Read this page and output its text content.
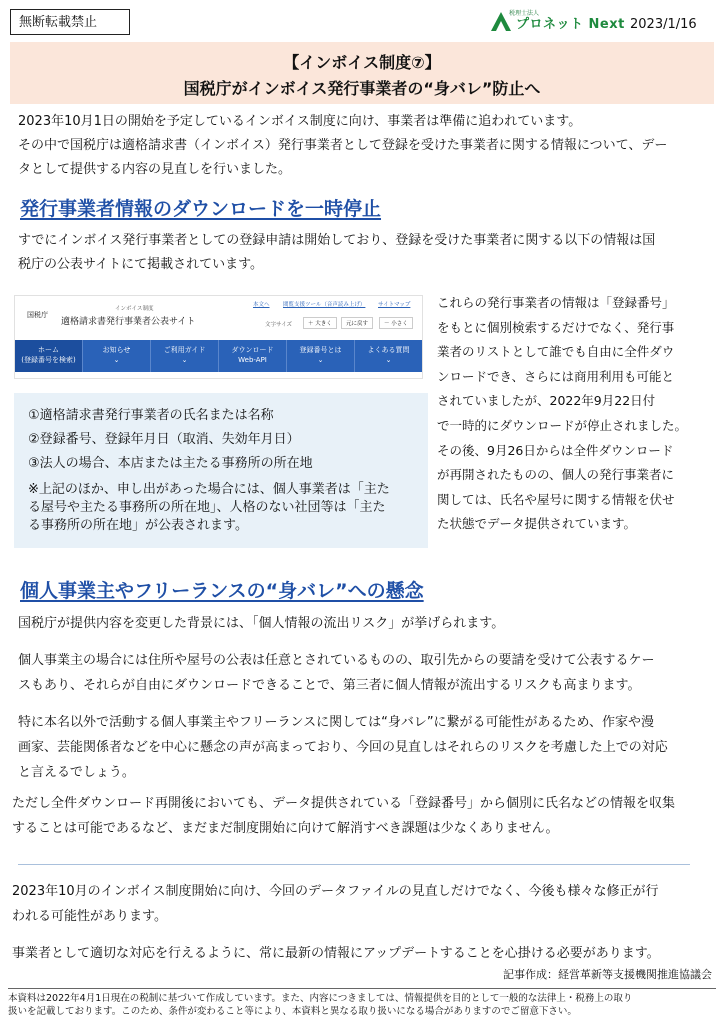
無断転載禁止
税理士法人
プロネット Next 2023/1/16
【インボイス制度⑦】
国税庁がインボイス発行事業者の“身バレ”防止へ
2023年10月1日の開始を予定しているインボイス制度に向け、事業者は準備に追われています。
その中で国税庁は適格請求書（インボイス）発行事業者として登録を受けた事業者に関する情報について、デー
タとして提供する内容の見直しを行いました。
発行事業者情報のダウンロードを一時停止
すでにインボイス発行事業者としての登録申請は開始しており、登録を受けた事業者に関する以下の情報は国
税庁の公表サイトにて掲載されています。
国税庁
インボイス制度
適格請求書発行事業者公表サイト
本文へ 閲覧支援ツール（音声読み上げ） サイトマップ
文字サイズ	＋ 大きく	元に戻す	－ 小さく
ホーム
(登録番号を検索)
お知らせ
⌄
ご利用ガイド
⌄
ダウンロード
Web-API
登録番号とは
⌄
よくある質問
⌄
①適格請求書発行事業者の氏名または名称
②登録番号、登録年月日（取消、失効年月日）
③法人の場合、本店または主たる事務所の所在地
※上記のほか、申し出があった場合には、個人事業者は「主た
る屋号や主たる事務所の所在地」、人格のない社団等は「主た
る事務所の所在地」が公表されます。
これらの発行事業者の情報は「登録番号」
をもとに個別検索するだけでなく、発行事
業者のリストとして誰でも自由に全件ダウ
ンロードでき、さらには商用利用も可能と
されていましたが、2022年9月22日付
で一時的にダウンロードが停止されました。
その後、9月26日からは全件ダウンロード
が再開されたものの、個人の発行事業者に
関しては、氏名や屋号に関する情報を伏せ
た状態でデータ提供されています。
個人事業主やフリーランスの“身バレ”への懸念
国税庁が提供内容を変更した背景には、「個人情報の流出リスク」が挙げられます。
個人事業主の場合には住所や屋号の公表は任意とされているものの、取引先からの要請を受けて公表するケー
スもあり、それらが自由にダウンロードできることで、第三者に個人情報が流出するリスクも高まります。
特に本名以外で活動する個人事業主やフリーランスに関しては“身バレ”に繋がる可能性があるため、作家や漫
画家、芸能関係者などを中心に懸念の声が高まっており、今回の見直しはそれらのリスクを考慮した上での対応
と言えるでしょう。
ただし全件ダウンロード再開後においても、データ提供されている「登録番号」から個別に氏名などの情報を収集
することは可能であるなど、まだまだ制度開始に向けて解消すべき課題は少なくありません。
2023年10月のインボイス制度開始に向け、今回のデータファイルの見直しだけでなく、今後も様々な修正が行
われる可能性があります。
事業者として適切な対応を行えるように、常に最新の情報にアップデートすることを心掛ける必要があります。
記事作成：経営革新等支援機関推進協議会
本資料は2022年4月1日現在の税制に基づいて作成しています。また、内容につきましては、情報提供を目的として一般的な法律上・税務上の取り
扱いを記載しております。このため、条件が変わること等により、本資料と異なる取り扱いになる場合がありますのでご留意下さい。
